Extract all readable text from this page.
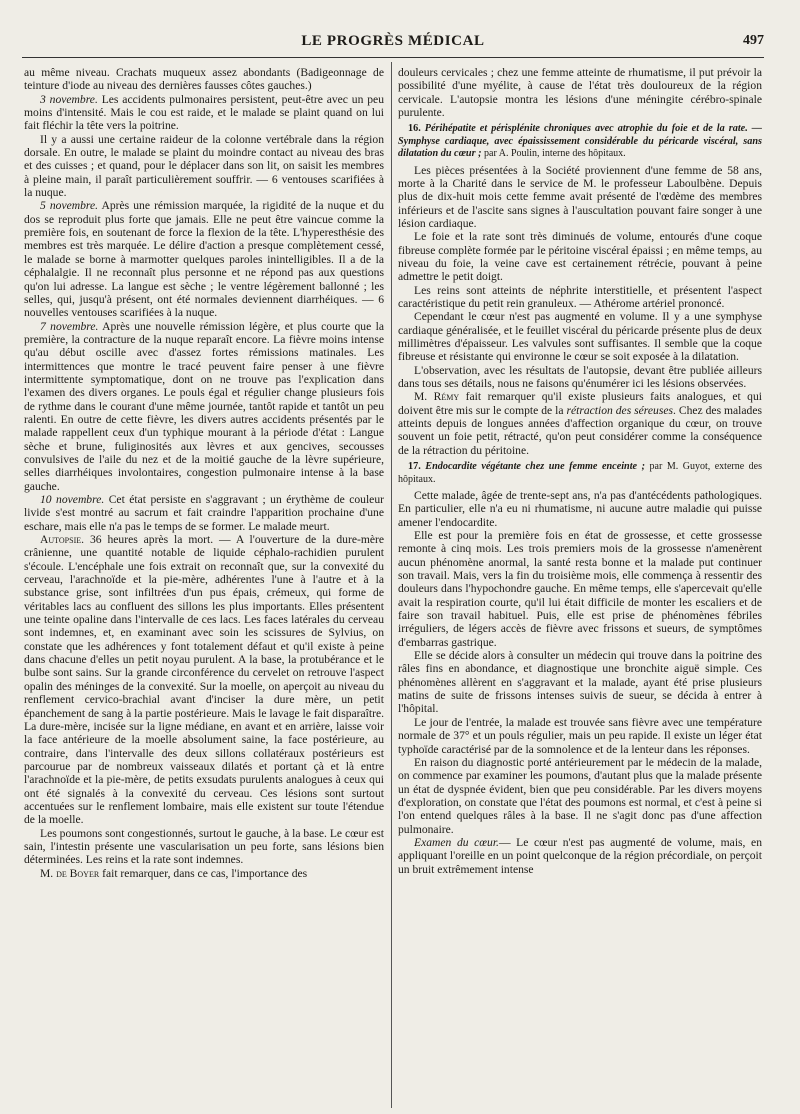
LE PROGRÈS MÉDICAL	497

au même niveau. Crachats muqueux assez abondants (Badigeonnage de teinture d'iode au niveau des dernières fausses côtes gauches.)

3 novembre. Les accidents pulmonaires persistent, peut-être avec un peu moins d'intensité. Mais le cou est raide, et le malade se plaint quand on lui fait fléchir la tête vers la poitrine.

Il y a aussi une certaine raideur de la colonne vertébrale dans la région dorsale. En outre, le malade se plaint du moindre contact au niveau des bras et des cuisses ; et quand, pour le déplacer dans son lit, on saisit les membres à pleine main, il paraît particulièrement souffrir. — 6 ventouses scarifiées à la nuque.

5 novembre. Après une rémission marquée, la rigidité de la nuque et du dos se reproduit plus forte que jamais. Elle ne peut être vaincue comme la première fois, en soutenant de force la flexion de la tête. L'hyperesthésie des membres est très marquée. Le délire d'action a presque complètement cessé, le malade se borne à marmotter quelques paroles inintelligibles. Il a de la céphalalgie. Il ne reconnaît plus personne et ne répond pas aux questions qu'on lui adresse. La langue est sèche ; le ventre légèrement ballonné ; les selles, qui, jusqu'à présent, ont été normales deviennent diarrhéiques. — 6 nouvelles ventouses scarifiées à la nuque.

7 novembre. Après une nouvelle rémission légère, et plus courte que la première, la contracture de la nuque reparaît encore. La fièvre moins intense qu'au début oscille avec d'assez fortes rémissions matinales. Les intermittences que montre le tracé peuvent faire penser à une fièvre intermittente symptomatique, dont on ne trouve pas l'explication dans l'examen des divers organes. Le pouls égal et régulier change plusieurs fois de rythme dans le courant d'une même journée, tantôt rapide et tantôt un peu ralenti. En outre de cette fièvre, les divers autres accidents présentés par le malade rappellent ceux d'un typhique mourant à la période d'état : Langue sèche et brune, fuliginosités aux lèvres et aux gencives, secousses convulsives de l'aile du nez et de la moitié gauche de la lèvre supérieure, selles diarrhéiques involontaires, congestion pulmonaire intense à la base gauche.

10 novembre. Cet état persiste en s'aggravant ; un érythème de couleur livide s'est montré au sacrum et fait craindre l'apparition prochaine d'une eschare, mais elle n'a pas le temps de se former. Le malade meurt.

Autopsie. 36 heures après la mort. — A l'ouverture de la dure-mère crânienne, une quantité notable de liquide céphalo-rachidien purulent s'écoule. L'encéphale une fois extrait on reconnaît que, sur la convexité du cerveau, l'arachnoïde et la pie-mère, adhérentes l'une à l'autre et à la substance grise, sont infiltrées d'un pus épais, crémeux, qui forme de véritables lacs au confluent des sillons les plus importants. Elles présentent une teinte opaline dans l'intervalle de ces lacs. Les faces latérales du cerveau sont indemnes, et, en examinant avec soin les scissures de Sylvius, on constate que les adhérences y font totalement défaut et qu'il existe à peine dans chacune d'elles un petit noyau purulent. A la base, la protubérance et le bulbe sont sains. Sur la grande circonférence du cervelet on retrouve l'aspect opalin des méninges de la convexité. Sur la moelle, on aperçoit au niveau du renflement cervico-brachial avant d'inciser la dure mère, un petit épanchement de sang à la partie postérieure. Mais le lavage le fait disparaître. La dure-mère, incisée sur la ligne médiane, en avant et en arrière, laisse voir la face antérieure de la moelle absolument saine, la face postérieure, au contraire, dans l'intervalle des deux sillons collatéraux postérieurs est parcourue par de nombreux vaisseaux dilatés et portant çà et là entre l'arachnoïde et la pie-mère, de petits exsudats purulents analogues à ceux qui ont été signalés à la convexité du cerveau. Ces lésions sont surtout accentuées sur le renflement lombaire, mais elle existent sur toute l'étendue de la moelle.

Les poumons sont congestionnés, surtout le gauche, à la base. Le cœur est sain, l'intestin présente une vascularisation un peu forte, sans lésions bien déterminées. Les reins et la rate sont indemnes.

M. de Boyer fait remarquer, dans ce cas, l'importance des

douleurs cervicales ; chez une femme atteinte de rhumatisme, il put prévoir la possibilité d'une myélite, à cause de l'état très douloureux de la région cervicale. L'autopsie montra les lésions d'une méningite cérébro-spinale purulente.

16. Périhépatite et périsplénite chroniques avec atrophie du foie et de la rate. — Symphyse cardiaque, avec épaississement considérable du péricarde viscéral, sans dilatation du cœur ; par A. Poulin, interne des hôpitaux.

Les pièces présentées à la Société proviennent d'une femme de 58 ans, morte à la Charité dans le service de M. le professeur Laboulbène. Depuis plus de dix-huit mois cette femme avait présenté de l'œdème des membres inférieurs et de l'ascite sans signes à l'auscultation pouvant faire songer à une lésion cardiaque.

Le foie et la rate sont très diminués de volume, entourés d'une coque fibreuse complète formée par le péritoine viscéral épaissi ; en même temps, au niveau du foie, la veine cave est certainement rétrécie, pouvant à peine admettre le petit doigt.

Les reins sont atteints de néphrite interstitielle, et présentent l'aspect caractéristique du petit rein granuleux. — Athérome artériel prononcé.

Cependant le cœur n'est pas augmenté en volume. Il y a une symphyse cardiaque généralisée, et le feuillet viscéral du péricarde présente plus de deux millimètres d'épaisseur. Les valvules sont suffisantes. Il semble que la coque fibreuse et résistante qui environne le cœur se soit exposée à la dilatation.

L'observation, avec les résultats de l'autopsie, devant être publiée ailleurs dans tous ses détails, nous ne faisons qu'énumérer ici les lésions observées.

M. Rémy fait remarquer qu'il existe plusieurs faits analogues, et qui doivent être mis sur le compte de la rétraction des séreuses. Chez des malades atteints depuis de longues années d'affection organique du cœur, on trouve souvent un foie petit, rétracté, qu'on peut considérer comme la conséquence de la rétraction du péritoine.

17. Endocardite végétante chez une femme enceinte ; par M. Guyot, externe des hôpitaux.

Cette malade, âgée de trente-sept ans, n'a pas d'antécédents pathologiques. En particulier, elle n'a eu ni rhumatisme, ni aucune autre maladie qui puisse amener l'endocardite.

Elle est pour la première fois en état de grossesse, et cette grossesse remonte à cinq mois. Les trois premiers mois de la grossesse n'amenèrent aucun phénomène anormal, la santé resta bonne et la malade put continuer son travail. Mais, vers la fin du troisième mois, elle commença à ressentir des douleurs dans l'hypochondre gauche. En même temps, elle s'apercevait qu'elle avait la respiration courte, qu'il lui était difficile de monter les escaliers et de faire son travail habituel. Puis, elle est prise de phénomènes fébriles irréguliers, de légers accès de fièvre avec frissons et sueurs, de symptômes d'embarras gastrique.

Elle se décide alors à consulter un médecin qui trouve dans la poitrine des râles fins en abondance, et diagnostique une bronchite aiguë simple. Ces phénomènes allèrent en s'aggravant et la malade, ayant été prise plusieurs matins de suite de frissons intenses suivis de sueur, se décida à entrer à l'hôpital.

Le jour de l'entrée, la malade est trouvée sans fièvre avec une température normale de 37° et un pouls régulier, mais un peu rapide. Il existe un léger état typhoïde caractérisé par de la somnolence et de la lenteur dans les réponses.

En raison du diagnostic porté antérieurement par le médecin de la malade, on commence par examiner les poumons, d'autant plus que la malade présente un état de dyspnée évident, bien que peu considérable. Par les divers moyens d'exploration, on constate que l'état des poumons est normal, et c'est à peine si l'on entend quelques râles à la base. Il ne s'agit donc pas d'une affection pulmonaire.

Examen du cœur.— Le cœur n'est pas augmenté de volume, mais, en appliquant l'oreille en un point quelconque de la région précordiale, on perçoit un bruit extrêmement intense
